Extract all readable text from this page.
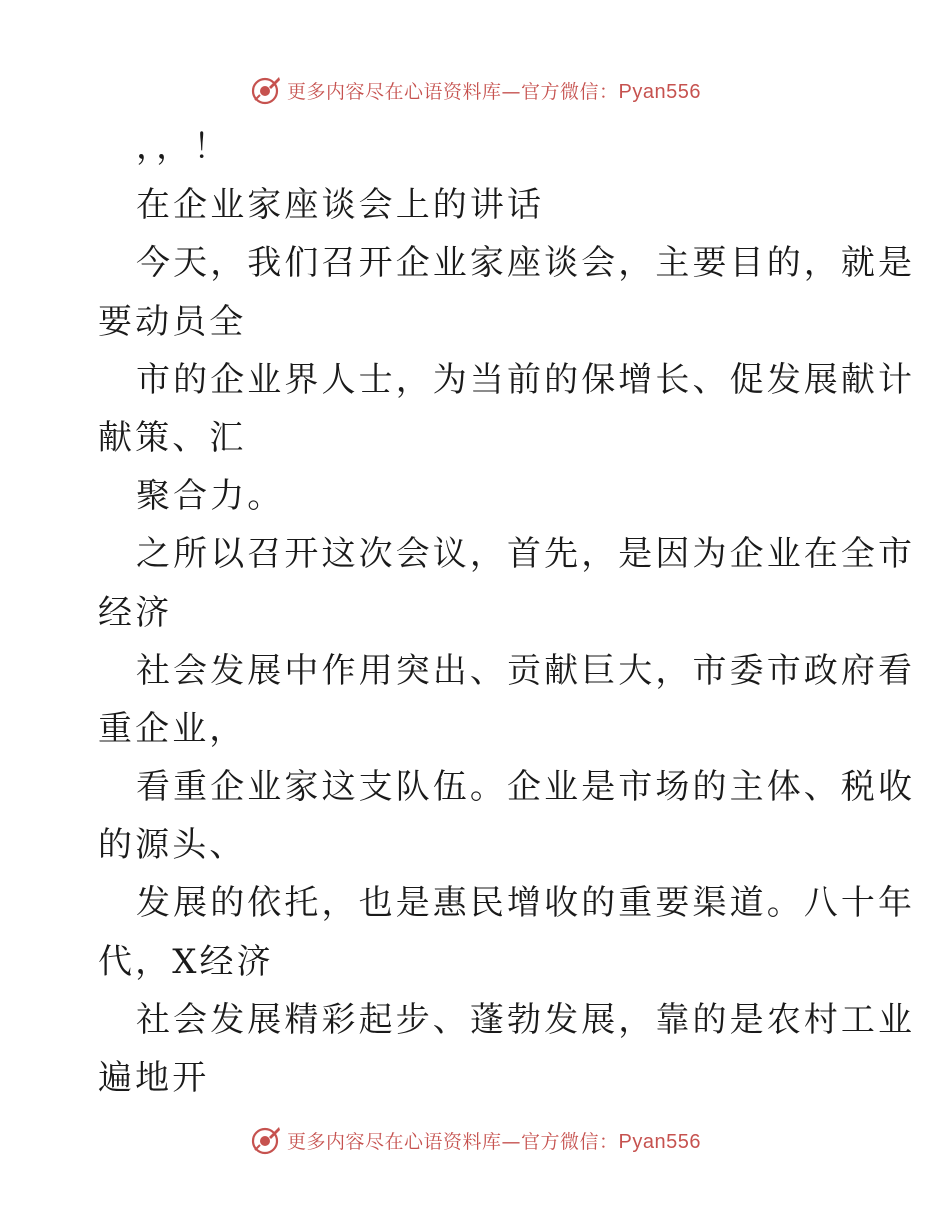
更多内容尽在心语资料库—官方微信：Pyan556
，，！
在企业家座谈会上的讲话
今天，我们召开企业家座谈会，主要目的，就是
要动员全
市的企业界人士，为当前的保增长、促发展献计
献策、汇
聚合力。
之所以召开这次会议，首先，是因为企业在全市
经济
社会发展中作用突出、贡献巨大，市委市政府看
重企业，
看重企业家这支队伍。企业是市场的主体、税收
的源头、
发展的依托，也是惠民增收的重要渠道。八十年
代，X经济
社会发展精彩起步、蓬勃发展，靠的是农村工业
遍地开
更多内容尽在心语资料库—官方微信：Pyan556
